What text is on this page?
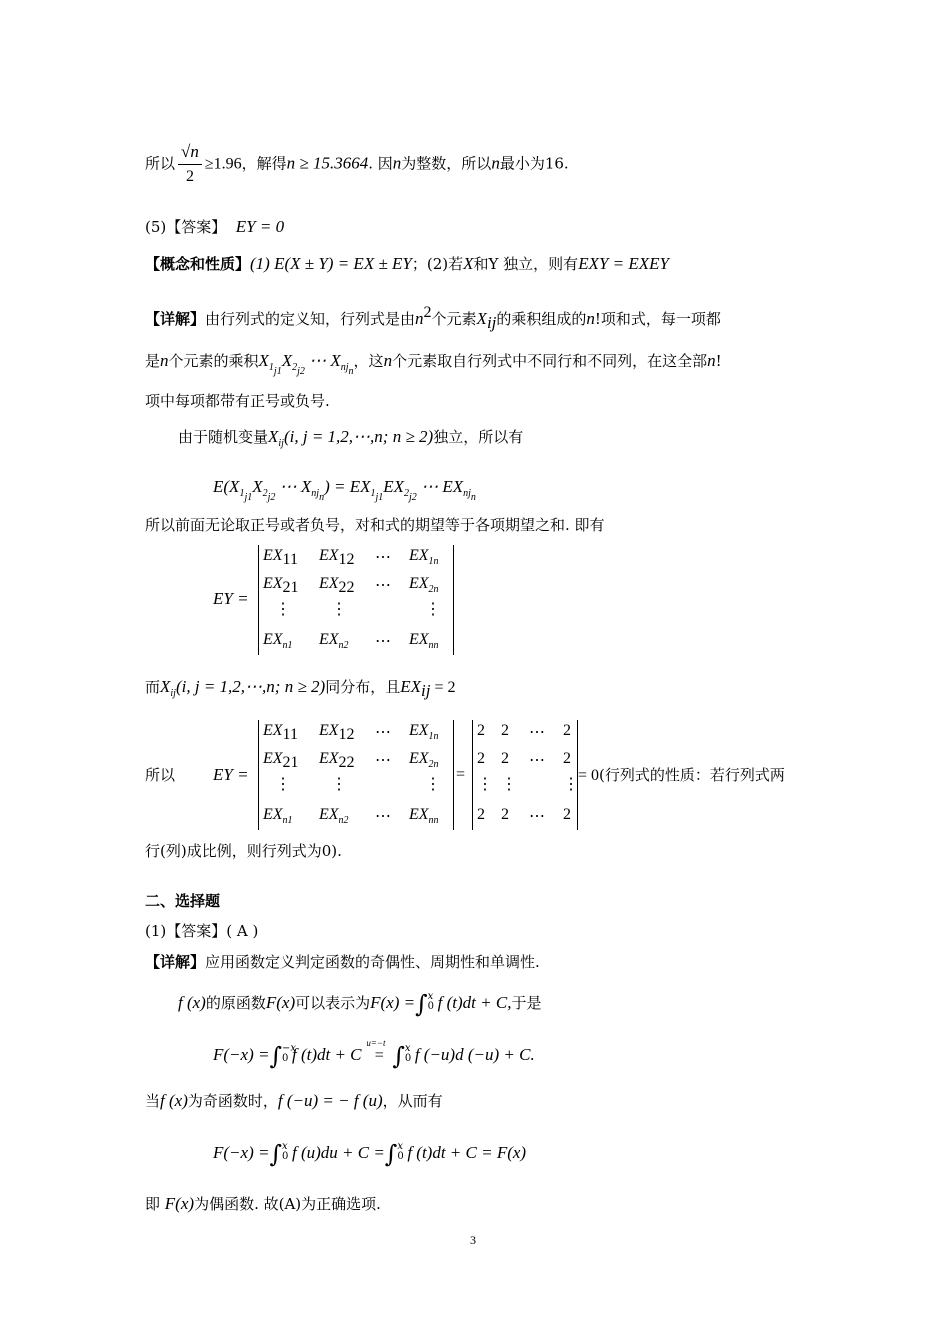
所以 $\frac{√n}{2} \ge 1.96$，解得n ≥ 15.3664. 因n为整数，所以n最小为16.
(5)【答案】 EY = 0
【概念和性质】(1) E(X ± Y) = EX ± EY；(2)若X和Y 独立，则有EXY = EXEY
【详解】由行列式的定义知，行列式是由$n^2$个元素$X_{ij}$的乘积组成的n!项和式，每一项都
是n个元素的乘积$X_{1_{j1}}X_{2_{j2}}$ ⋯ $X_{nj_n}$，这n个元素取自行列式中不同行和不同列，在这全部n!
项中每项都带有正号或负号.
由于随机变量$X_{ij}(i$, j = 1,2,⋯,n; n ≥ 2)独立，所以有
$E(X_{1_{j1}}X_{2_{j2}}$ ⋯ $X_{nj_n}) = EX_{1_{j1}}EX_{2_{j2}}$ ⋯ $EX_{nj_n}$
所以前面无论取正号或者负号，对和式的期望等于各项期望之和. 即有
EY =
$EX_{11}$ $EX_{12}$ ⋯ $EX_{1n}$
$EX_{21}$ $EX_{22}$ ⋯ $EX_{2n}$
⋮	⋮	⋮
$EX_{n1}$ $EX_{n2}$ ⋯ $EX_{nn}$
而$X_{ij}(i$, j = 1,2,⋯,n; n ≥ 2)同分布，且$EX_{ij} = 2$
所以 EY =
$EX_{11}$ $EX_{12}$ ⋯ $EX_{1n}$
$EX_{21}$ $EX_{22}$ ⋯ $EX_{2n}$
⋮	⋮	⋮
$EX_{n1}$ $EX_{n2}$ ⋯ $EX_{nn}$
=
2 2 ⋯ 2
2 2 ⋯ 2
⋮ ⋮	⋮
2 2 ⋯ 2
= 0(行列式的性质：若行列式两
行(列)成比例，则行列式为0).
二、选择题
(1)【答案】( A )
【详解】应用函数定义判定函数的奇偶性、周期性和单调性.
f (x)的原函数F(x)可以表示为F(x) =∫ x
0 f (t)dt + C,于是
F(−x) =∫ −x
0 f (t)dt + C
u=−t
= ∫ x
0 f (−u)d (−u) + C.
当f (x)为奇函数时，f (−u) = − f (u)，从而有
F(−x) =∫ x
0 f (u)du + C =∫ x
0 f (t)dt + C = F(x)
即 F(x)为偶函数. 故(A)为正确选项.
3
